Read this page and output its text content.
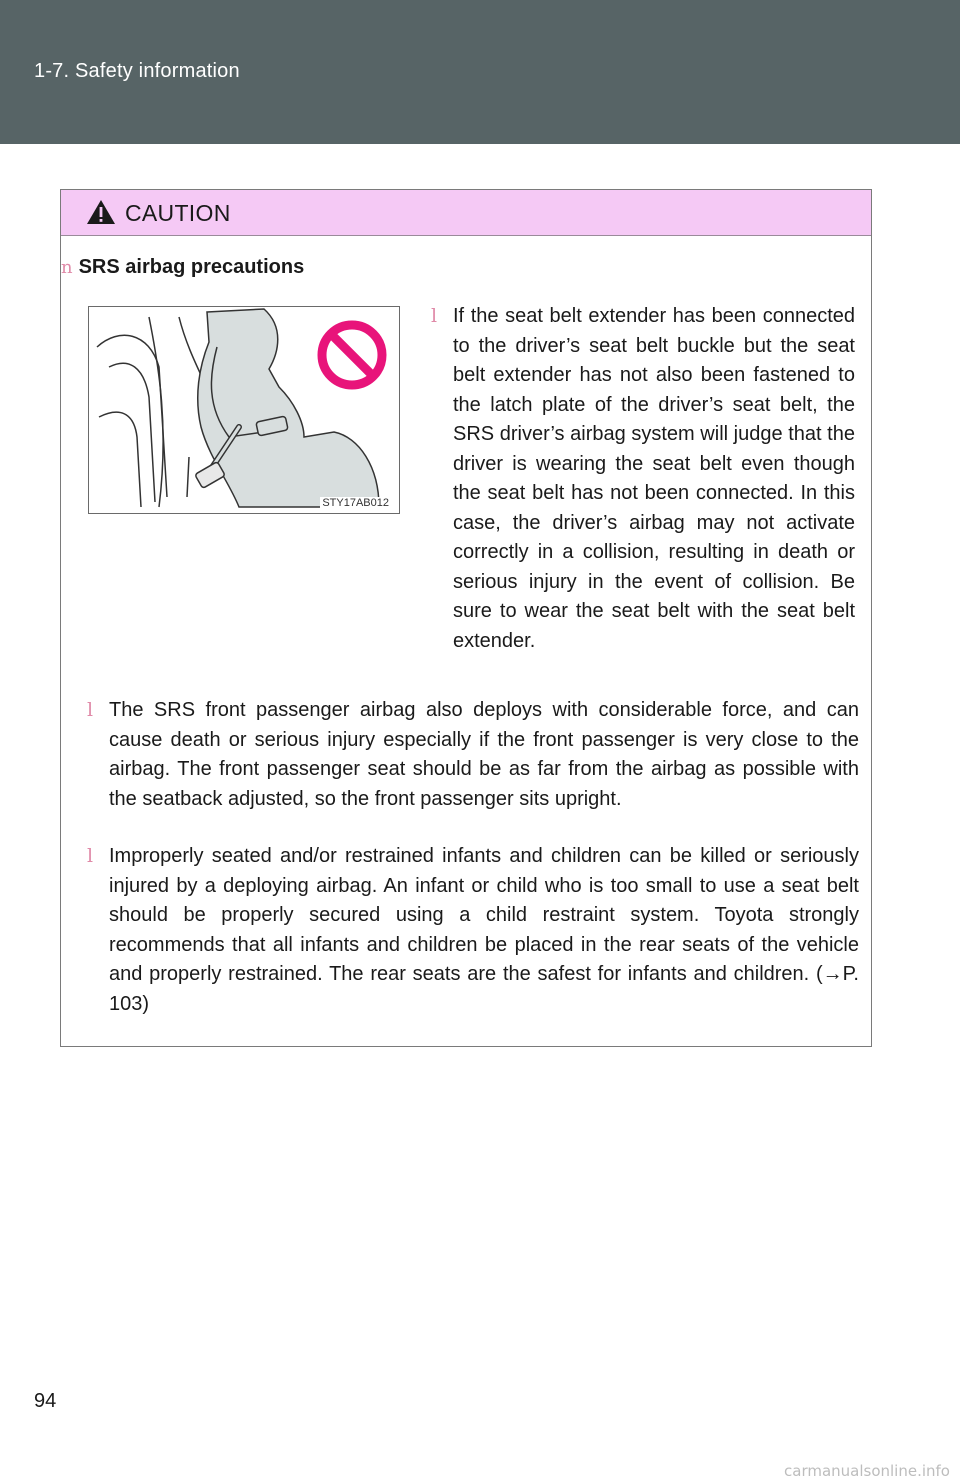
1-7. Safety information
CAUTION
n SRS airbag precautions
STY17AB012
l If the seat belt extender has been connected to the driver’s seat belt buckle but the seat belt extender has not also been fastened to the latch plate of the driver’s seat belt, the SRS driver’s airbag system will judge that the driver is wearing the seat belt even though the seat belt has not been connected. In this case, the driver’s airbag may not activate correctly in a collision, resulting in death or serious injury in the event of collision. Be sure to wear the seat belt with the seat belt extender.
l The SRS front passenger airbag also deploys with considerable force, and can cause death or serious injury especially if the front passenger is very close to the airbag. The front passenger seat should be as far from the airbag as possible with the seatback adjusted, so the front passenger sits upright.
l Improperly seated and/or restrained infants and children can be killed or seriously injured by a deploying airbag. An infant or child who is too small to use a seat belt should be properly secured using a child restraint system. Toyota strongly recommends that all infants and children be placed in the rear seats of the vehicle and properly restrained. The rear seats are the safest for infants and children. (→P. 103)
94
carmanualsonline.info
